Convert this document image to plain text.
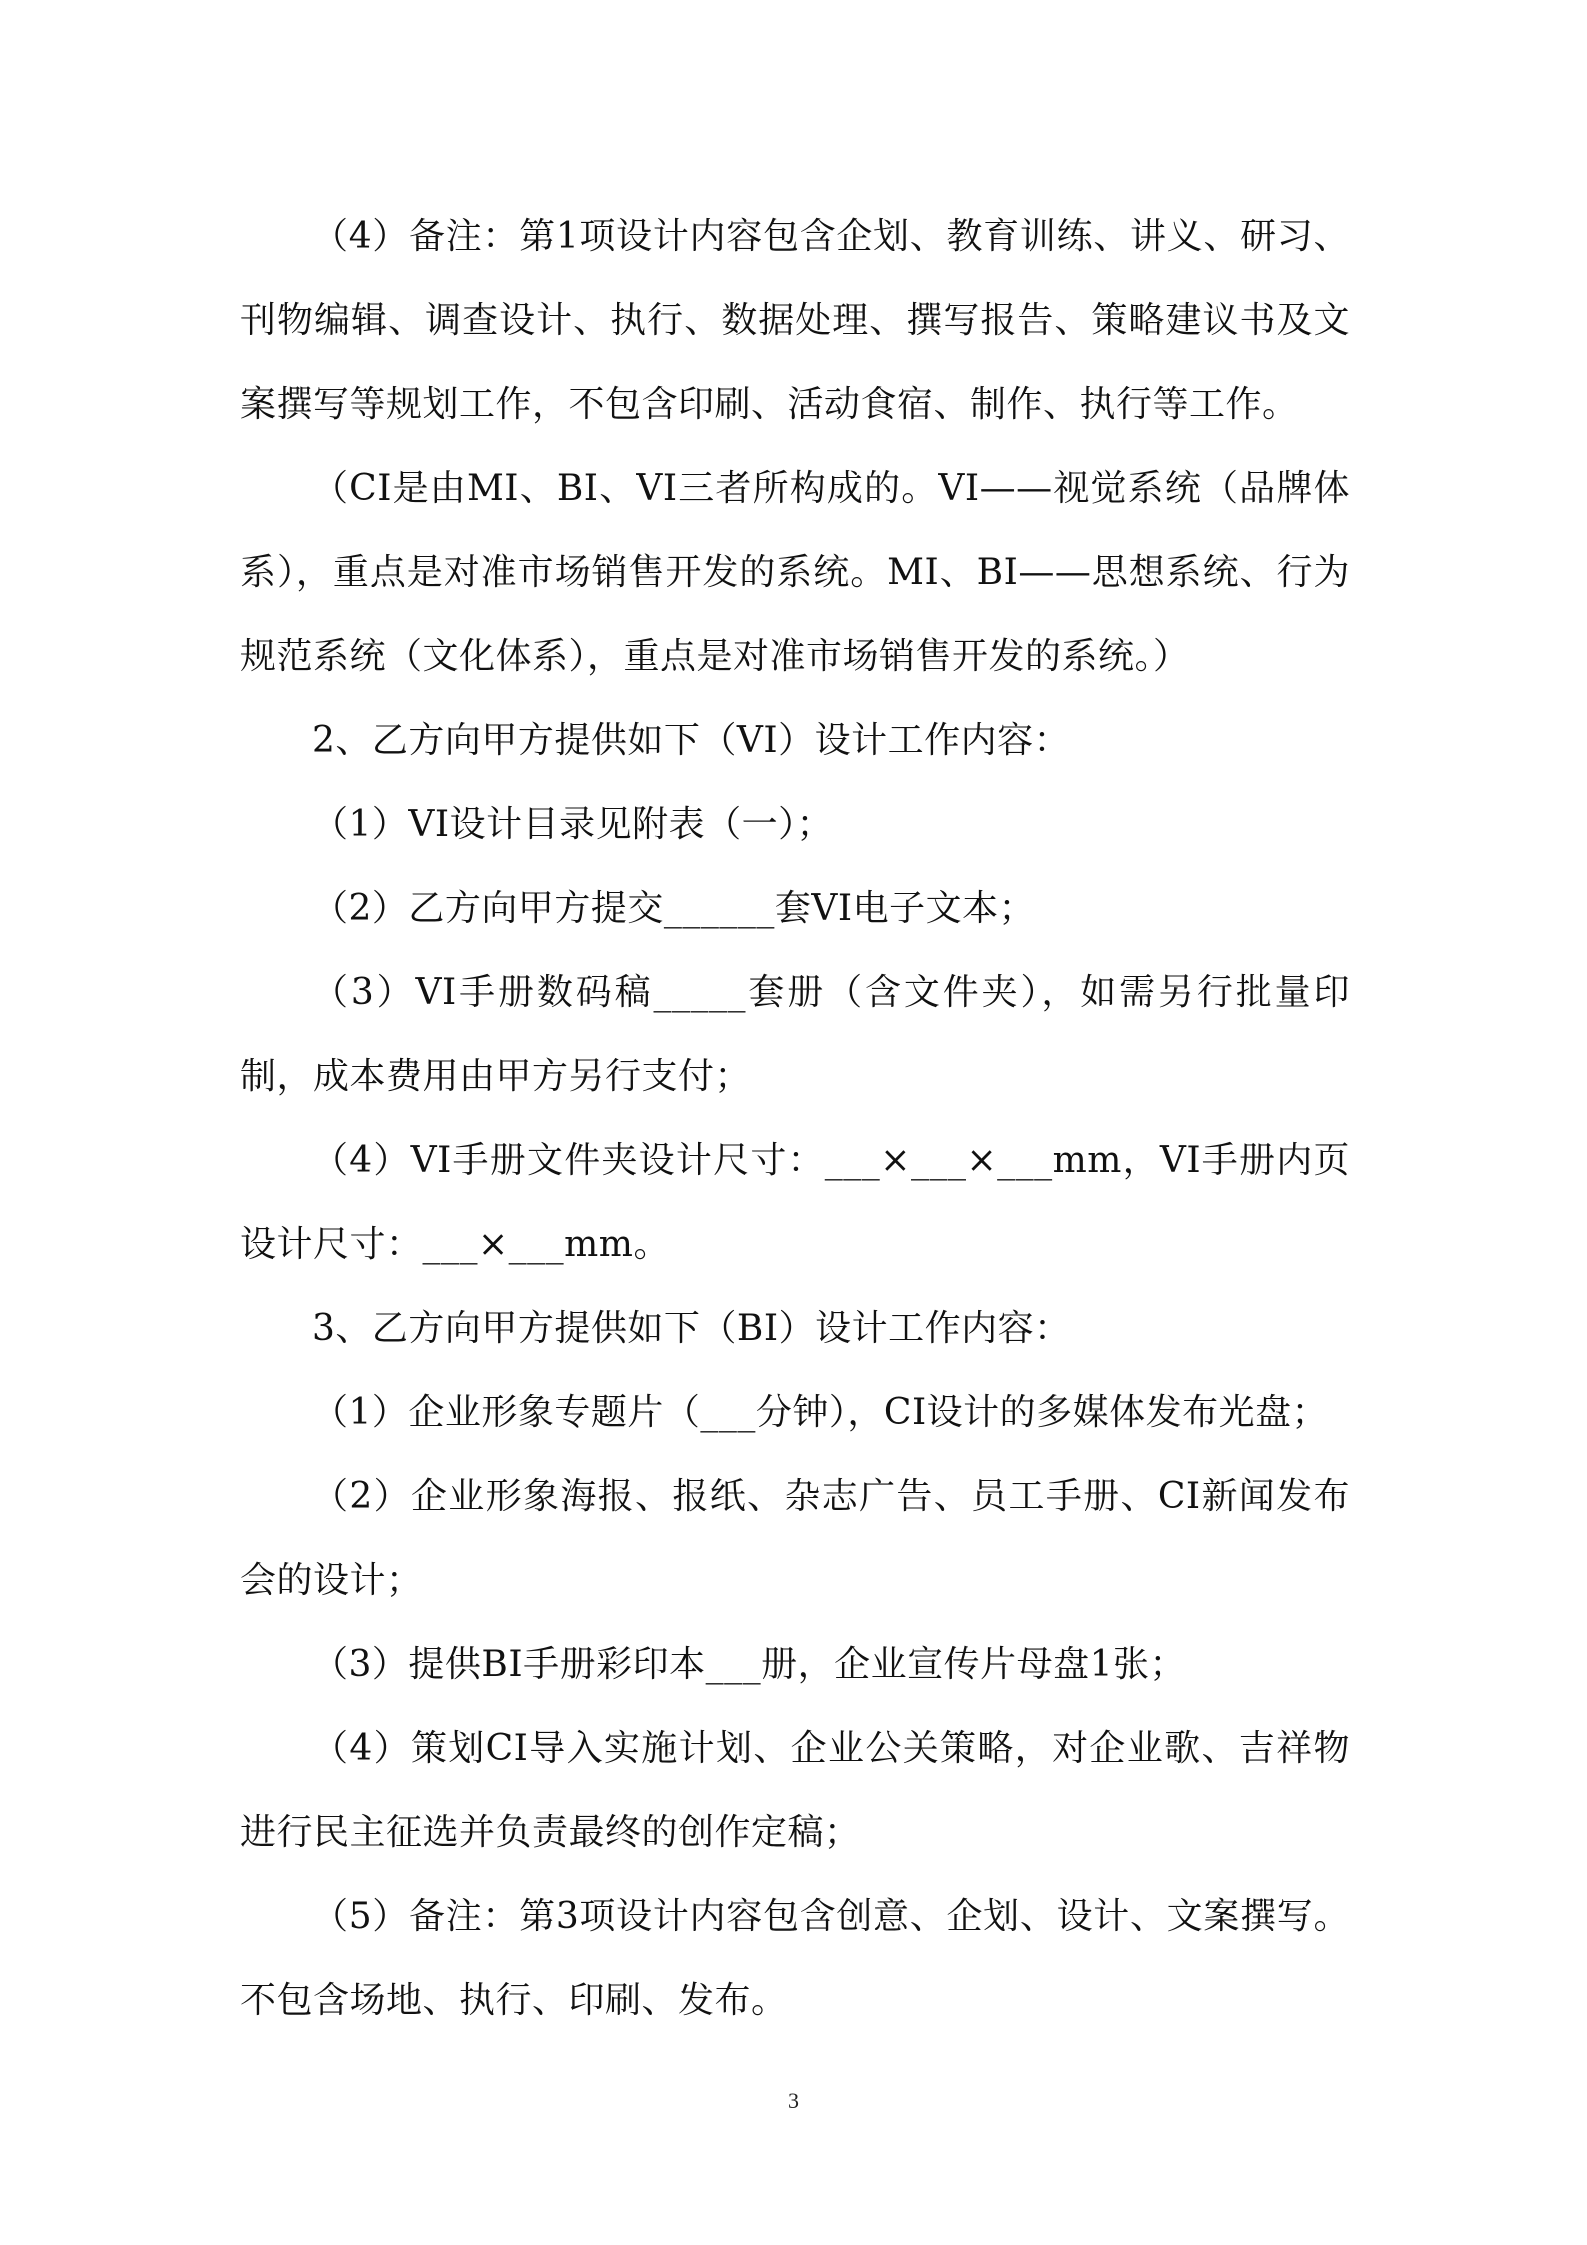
（4）备注：第1项设计内容包含企划、教育训练、讲义、研习、刊物编辑、调查设计、执行、数据处理、撰写报告、策略建议书及文案撰写等规划工作，不包含印刷、活动食宿、制作、执行等工作。

（CI是由MI、BI、VI三者所构成的。VI——视觉系统（品牌体系），重点是对准市场销售开发的系统。MI、BI——思想系统、行为规范系统（文化体系），重点是对准市场销售开发的系统。）

2、乙方向甲方提供如下（VI）设计工作内容：

（1）VI设计目录见附表（一）；

（2）乙方向甲方提交______套VI电子文本；

（3）VI手册数码稿_____套册（含文件夹），如需另行批量印制，成本费用由甲方另行支付；

（4）VI手册文件夹设计尺寸：___×___×___mm，VI手册内页设计尺寸：___×___mm。

3、乙方向甲方提供如下（BI）设计工作内容：

（1）企业形象专题片（___分钟），CI设计的多媒体发布光盘；

（2）企业形象海报、报纸、杂志广告、员工手册、CI新闻发布会的设计；

（3）提供BI手册彩印本___册，企业宣传片母盘1张；

（4）策划CI导入实施计划、企业公关策略，对企业歌、吉祥物进行民主征选并负责最终的创作定稿；

（5）备注：第3项设计内容包含创意、企划、设计、文案撰写。不包含场地、执行、印刷、发布。

3
